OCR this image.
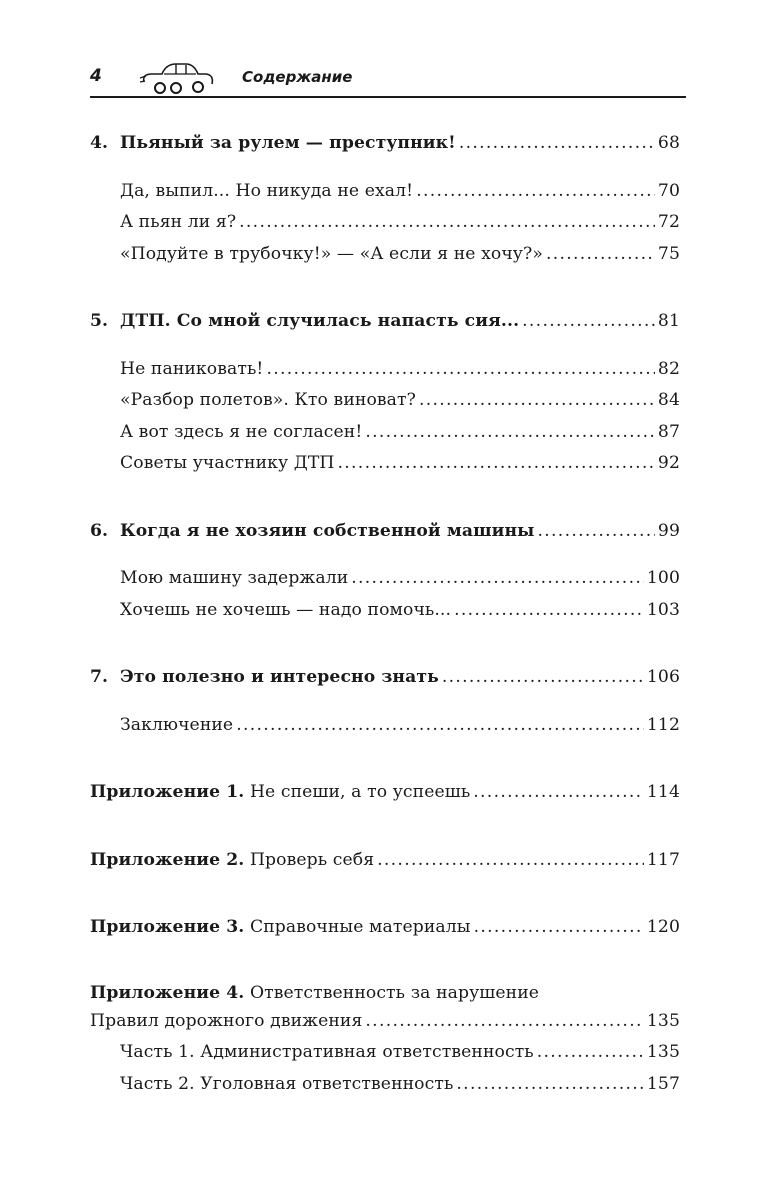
4	Содержание
4. Пьяный за рулем — преступник! .....	68
Да, выпил... Но никуда не ехал! .....	70
А пьян ли я? .....	72
«Подуйте в трубочку!» — «А если я не хочу?» .....	75
5. ДТП. Со мной случилась напасть сия... .....	81
Не паниковать! .....	82
«Разбор полетов». Кто виноват? .....	84
А вот здесь я не согласен! .....	87
Советы участнику ДТП .....	92
6. Когда я не хозяин собственной машины .....	99
Мою машину задержали .....	100
Хочешь не хочешь — надо помочь... .....	103
7. Это полезно и интересно знать .....	106
Заключение .....	112
Приложение 1. Не спеши, а то успеешь .....	114
Приложение 2. Проверь себя .....	117
Приложение 3. Справочные материалы .....	120
Приложение 4. Ответственность за нарушение
Правил дорожного движения .....	135
Часть 1. Административная ответственность .....	135
Часть 2. Уголовная ответственность .....	157
